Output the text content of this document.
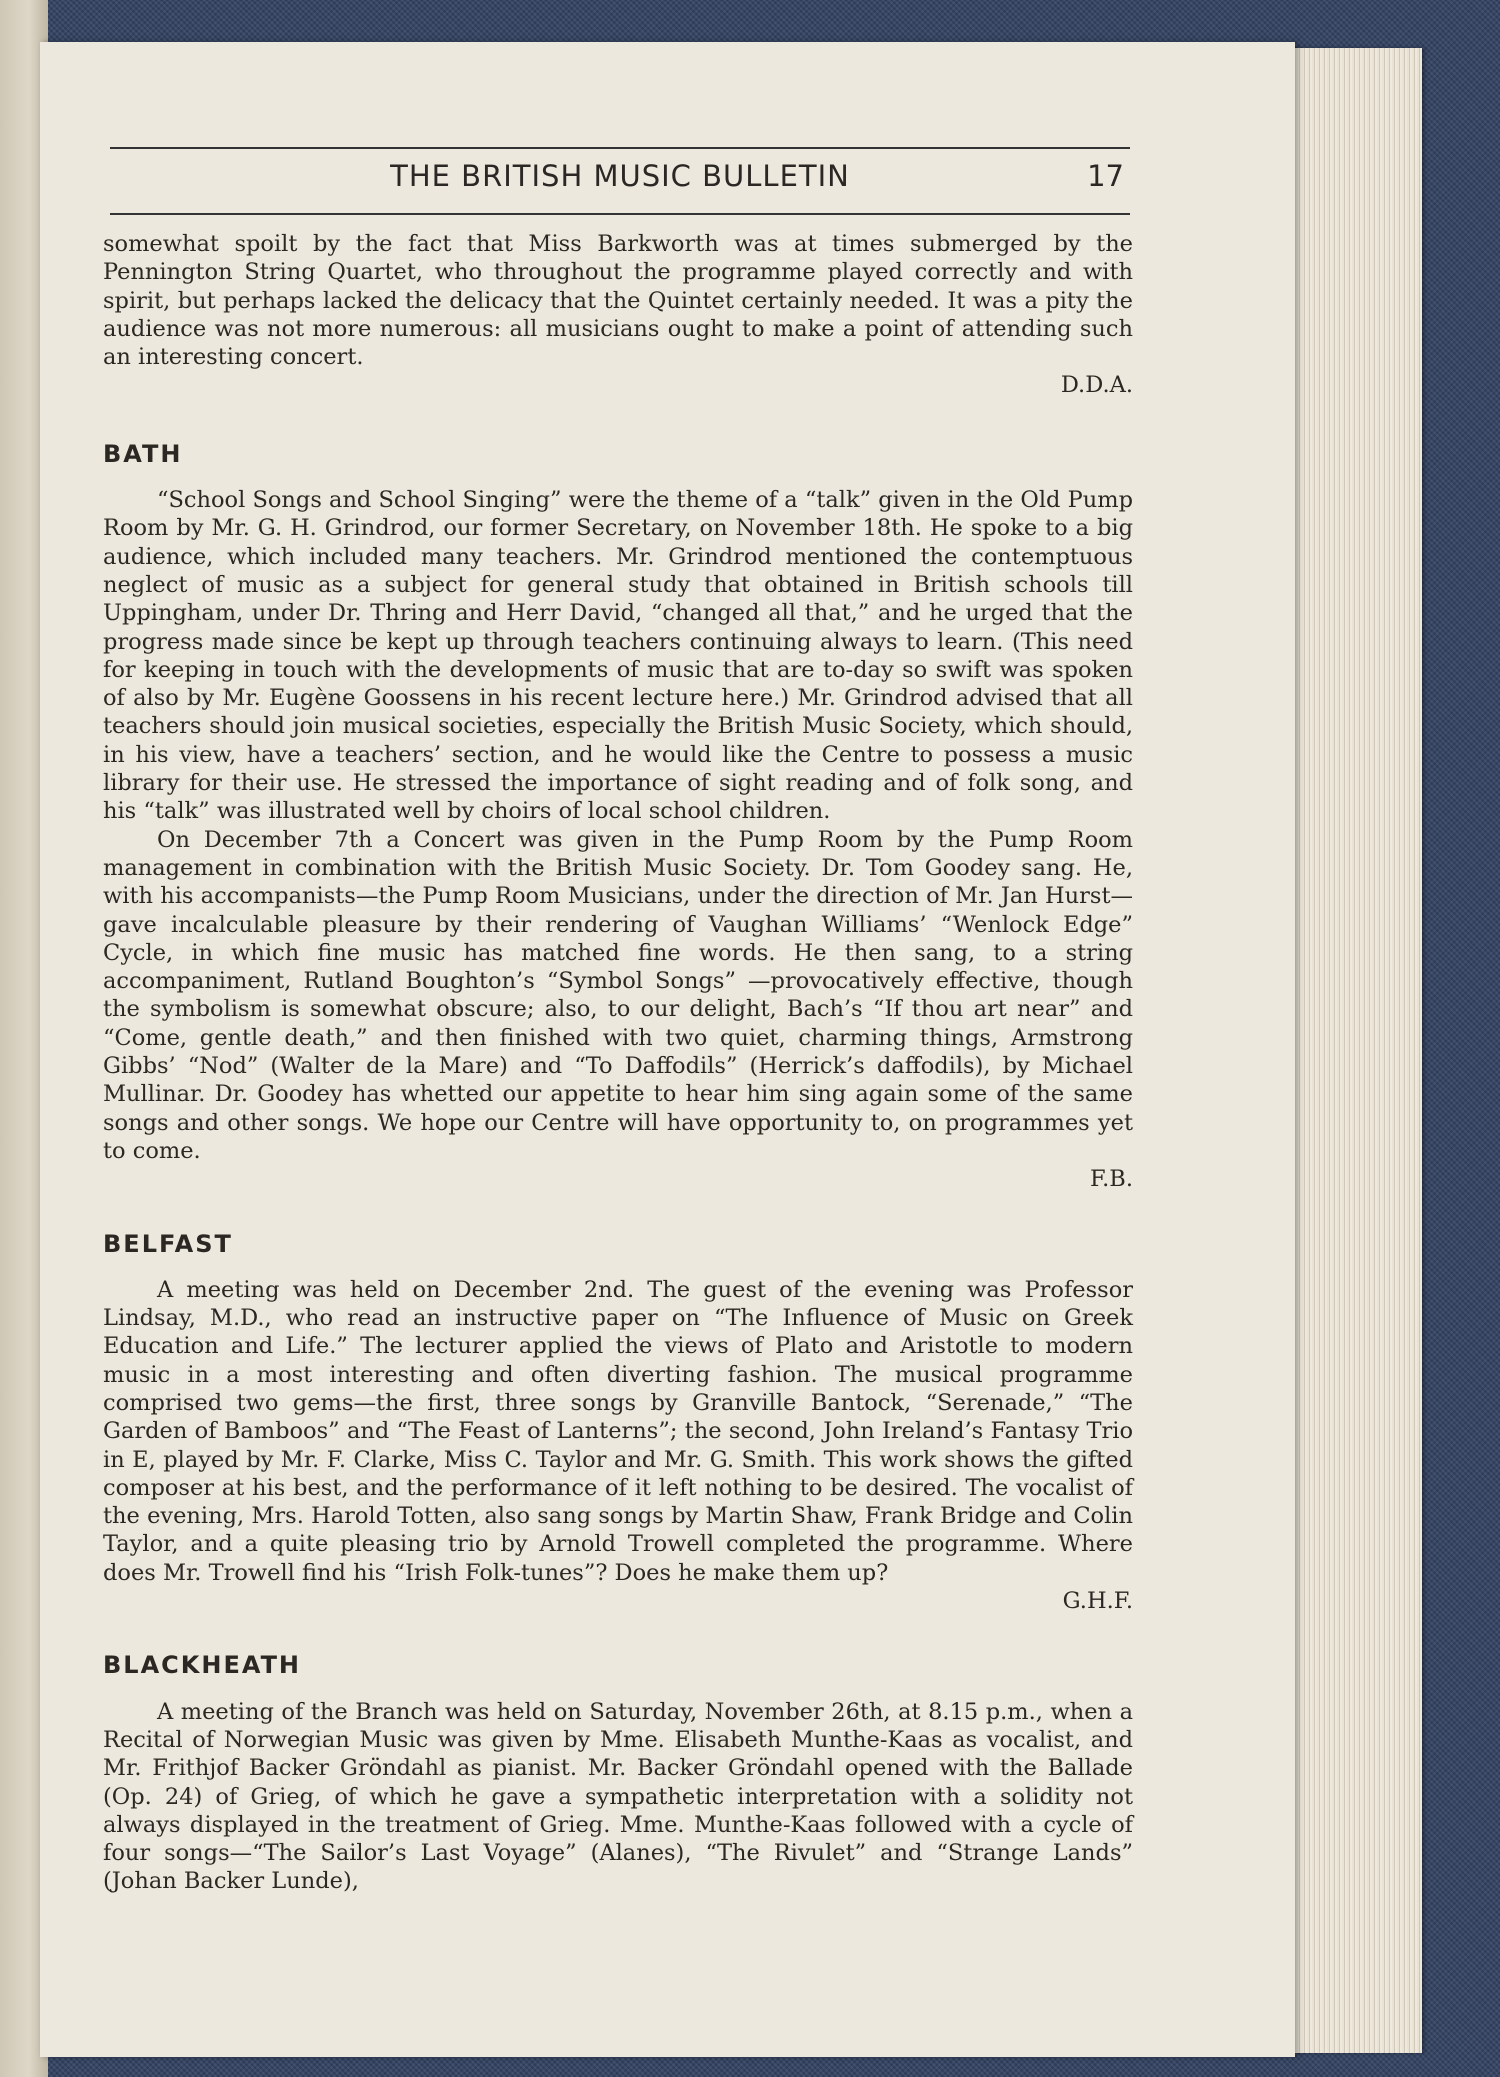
THE BRITISH MUSIC BULLETIN	17

somewhat spoilt by the fact that Miss Barkworth was at times submerged by the Pennington String Quartet, who throughout the programme played correctly and with spirit, but perhaps lacked the delicacy that the Quintet certainly needed. It was a pity the audience was not more numerous: all musicians ought to make a point of attending such an interesting concert.

D.D.A.
BATH

“School Songs and School Singing” were the theme of a “talk” given in the Old Pump Room by Mr. G. H. Grindrod, our former Secretary, on November 18th. He spoke to a big audience, which included many teachers. Mr. Grindrod mentioned the contemptuous neglect of music as a subject for general study that obtained in British schools till Uppingham, under Dr. Thring and Herr David, “changed all that,” and he urged that the progress made since be kept up through teachers continuing always to learn. (This need for keeping in touch with the developments of music that are to-day so swift was spoken of also by Mr. Eugène Goossens in his recent lecture here.) Mr. Grindrod advised that all teachers should join musical societies, especially the British Music Society, which should, in his view, have a teachers’ section, and he would like the Centre to possess a music library for their use. He stressed the importance of sight reading and of folk song, and his “talk” was illustrated well by choirs of local school children.

On December 7th a Concert was given in the Pump Room by the Pump Room management in combination with the British Music Society. Dr. Tom Goodey sang. He, with his accompanists—the Pump Room Musicians, under the direction of Mr. Jan Hurst—gave incalculable pleasure by their rendering of Vaughan Williams’ “Wenlock Edge” Cycle, in which fine music has matched fine words. He then sang, to a string accompaniment, Rutland Boughton’s “Symbol Songs” —provocatively effective, though the symbolism is somewhat obscure; also, to our delight, Bach’s “If thou art near” and “Come, gentle death,” and then finished with two quiet, charming things, Armstrong Gibbs’ “Nod” (Walter de la Mare) and “To Daffodils” (Herrick’s daffodils), by Michael Mullinar. Dr. Goodey has whetted our appetite to hear him sing again some of the same songs and other songs. We hope our Centre will have opportunity to, on programmes yet to come.

F.B.
BELFAST

A meeting was held on December 2nd. The guest of the evening was Professor Lindsay, M.D., who read an instructive paper on “The Influence of Music on Greek Education and Life.” The lecturer applied the views of Plato and Aristotle to modern music in a most interesting and often diverting fashion. The musical programme comprised two gems—the first, three songs by Granville Bantock, “Serenade,” “The Garden of Bamboos” and “The Feast of Lanterns”; the second, John Ireland’s Fantasy Trio in E, played by Mr. F. Clarke, Miss C. Taylor and Mr. G. Smith. This work shows the gifted composer at his best, and the performance of it left nothing to be desired. The vocalist of the evening, Mrs. Harold Totten, also sang songs by Martin Shaw, Frank Bridge and Colin Taylor, and a quite pleasing trio by Arnold Trowell completed the programme. Where does Mr. Trowell find his “Irish Folk-tunes”? Does he make them up?

G.H.F.
BLACKHEATH

A meeting of the Branch was held on Saturday, November 26th, at 8.15 p.m., when a Recital of Norwegian Music was given by Mme. Elisabeth Munthe-Kaas as vocalist, and Mr. Frithjof Backer Gröndahl as pianist. Mr. Backer Gröndahl opened with the Ballade (Op. 24) of Grieg, of which he gave a sympathetic interpretation with a solidity not always displayed in the treatment of Grieg. Mme. Munthe-Kaas followed with a cycle of four songs—“The Sailor’s Last Voyage” (Alanes), “The Rivulet” and “Strange Lands” (Johan Backer Lunde),
